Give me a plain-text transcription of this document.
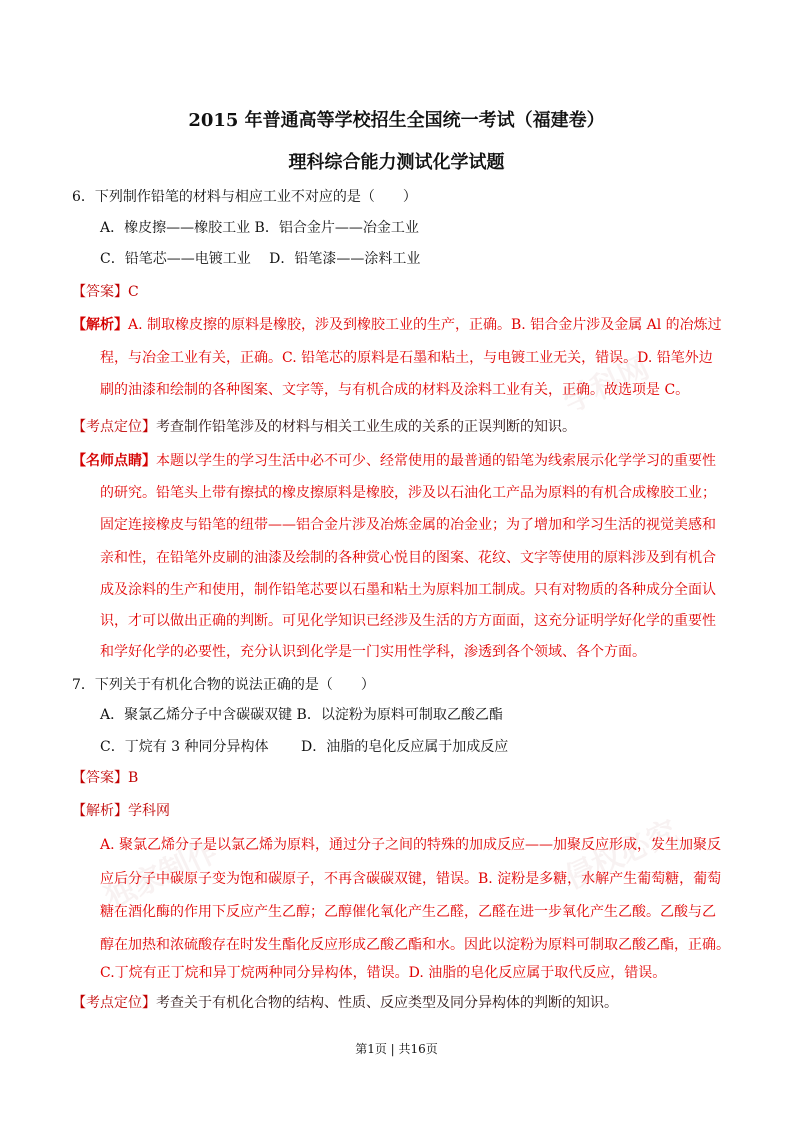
学科网
独家制作	侵权必究
2015 年普通高等学校招生全国统一考试（福建卷）
理科综合能力测试化学试题
6．下列制作铅笔的材料与相应工业不对应的是（　　）
A．橡皮擦——橡胶工业 B．铝合金片——冶金工业
C．铅笔芯——电镀工业　 D．铅笔漆——涂料工业
【答案】C
【解析】A. 制取橡皮擦的原料是橡胶，涉及到橡胶工业的生产，正确。B. 铝合金片涉及金属 Al 的冶炼过
程，与冶金工业有关，正确。C. 铅笔芯的原料是石墨和粘土，与电镀工业无关，错误。D. 铅笔外边
刷的油漆和绘制的各种图案、文字等，与有机合成的材料及涂料工业有关，正确。故选项是 C。
【考点定位】考查制作铅笔涉及的材料与相关工业生成的关系的正误判断的知识。
【名师点睛】本题以学生的学习生活中必不可少、经常使用的最普通的铅笔为线索展示化学学习的重要性
的研究。铅笔头上带有擦拭的橡皮擦原料是橡胶，涉及以石油化工产品为原料的有机合成橡胶工业；
固定连接橡皮与铅笔的纽带——铝合金片涉及冶炼金属的冶金业；为了增加和学习生活的视觉美感和
亲和性，在铅笔外皮刷的油漆及绘制的各种赏心悦目的图案、花纹、文字等使用的原料涉及到有机合
成及涂料的生产和使用，制作铅笔芯要以石墨和粘土为原料加工制成。只有对物质的各种成分全面认
识，才可以做出正确的判断。可见化学知识已经涉及生活的方方面面，这充分证明学好化学的重要性
和学好化学的必要性，充分认识到化学是一门实用性学科，渗透到各个领域、各个方面。
7．下列关于有机化合物的说法正确的是（　　）
A．聚氯乙烯分子中含碳碳双键 B．以淀粉为原料可制取乙酸乙酯
C．丁烷有 3 种同分异构体　　 D．油脂的皂化反应属于加成反应
【答案】B
【解析】学科网
A. 聚氯乙烯分子是以氯乙烯为原料，通过分子之间的特殊的加成反应——加聚反应形成，发生加聚反
应后分子中碳原子变为饱和碳原子，不再含碳碳双键，错误。B. 淀粉是多糖，水解产生葡萄糖，葡萄
糖在酒化酶的作用下反应产生乙醇；乙醇催化氧化产生乙醛，乙醛在进一步氧化产生乙酸。乙酸与乙
醇在加热和浓硫酸存在时发生酯化反应形成乙酸乙酯和水。因此以淀粉为原料可制取乙酸乙酯，正确。
C.丁烷有正丁烷和异丁烷两种同分异构体，错误。D. 油脂的皂化反应属于取代反应，错误。
【考点定位】考查关于有机化合物的结构、性质、反应类型及同分异构体的判断的知识。
第1页 | 共16页
